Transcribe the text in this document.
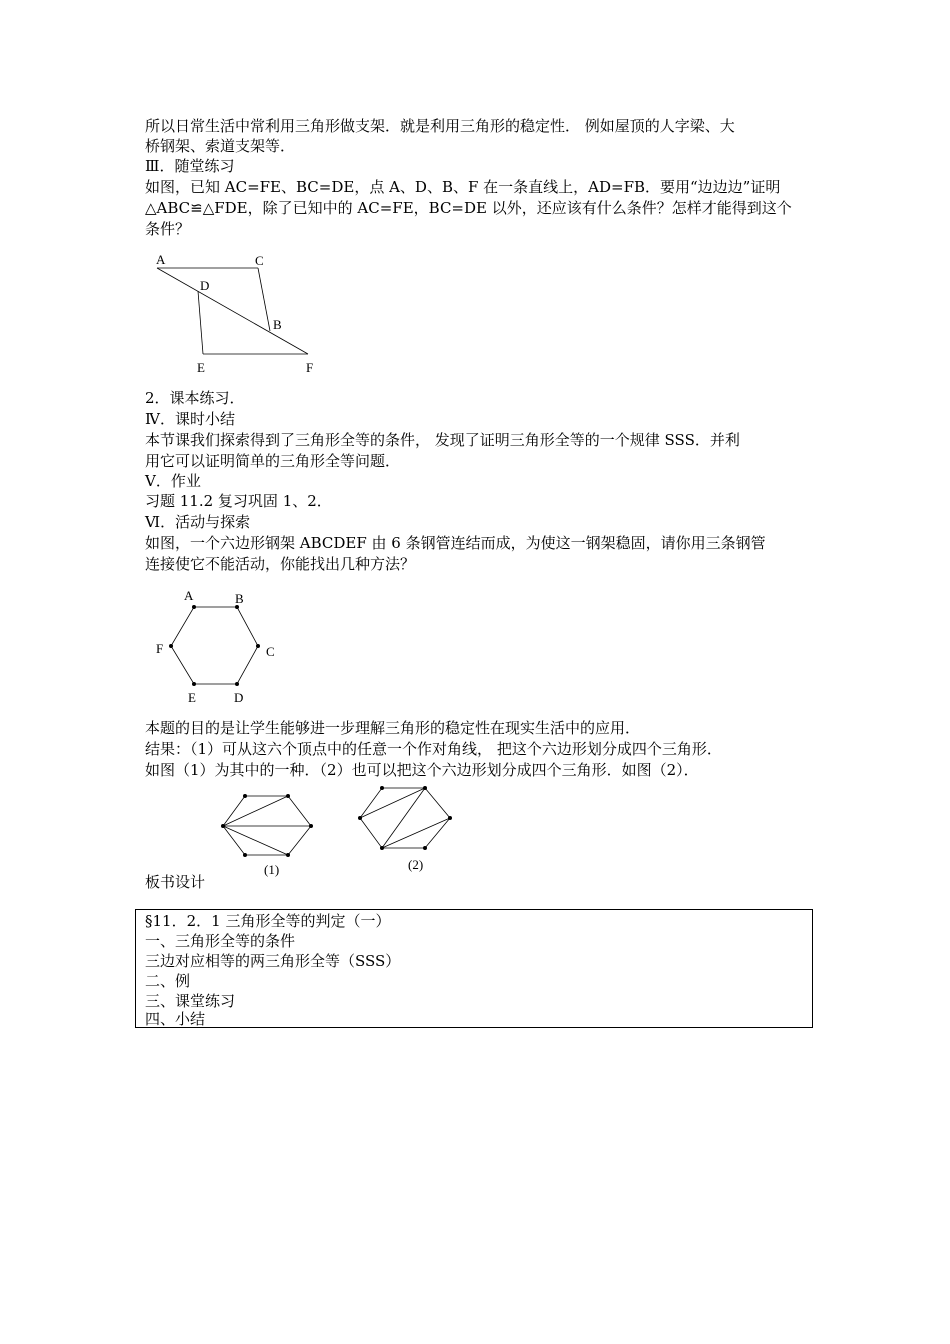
所以日常生活中常利用三角形做支架．就是利用三角形的稳定性． 例如屋顶的人字梁、大
桥钢架、索道支架等．
Ⅲ．随堂练习
如图，已知 AC=FE、BC=DE，点 A、D、B、F 在一条直线上，AD=FB．要用“边边边”证明
△ABC≌△FDE，除了已知中的 AC=FE，BC=DE 以外，还应该有什么条件？怎样才能得到这个
条件？
A	C
D
B
E	F
2．课本练习．
Ⅳ．课时小结
本节课我们探索得到了三角形全等的条件， 发现了证明三角形全等的一个规律 SSS．并利
用它可以证明简单的三角形全等问题．
Ⅴ．作业
习题 11.2 复习巩固 1、2．
Ⅵ．活动与探索
如图，一个六边形钢架 ABCDEF 由 6 条钢管连结而成，为使这一钢架稳固，请你用三条钢管
连接使它不能活动，你能找出几种方法？
A	B
C
D
E
F
本题的目的是让学生能够进一步理解三角形的稳定性在现实生活中的应用．
结果：（1）可从这六个顶点中的任意一个作对角线， 把这个六边形划分成四个三角形．
如图（1）为其中的一种．（2）也可以把这个六边形划分成四个三角形．如图（2）．
(1)	(2)
板书设计
§11．2．1 三角形全等的判定（一）
一、三角形全等的条件
三边对应相等的两三角形全等（SSS）
二、例
三、课堂练习
四、小结
